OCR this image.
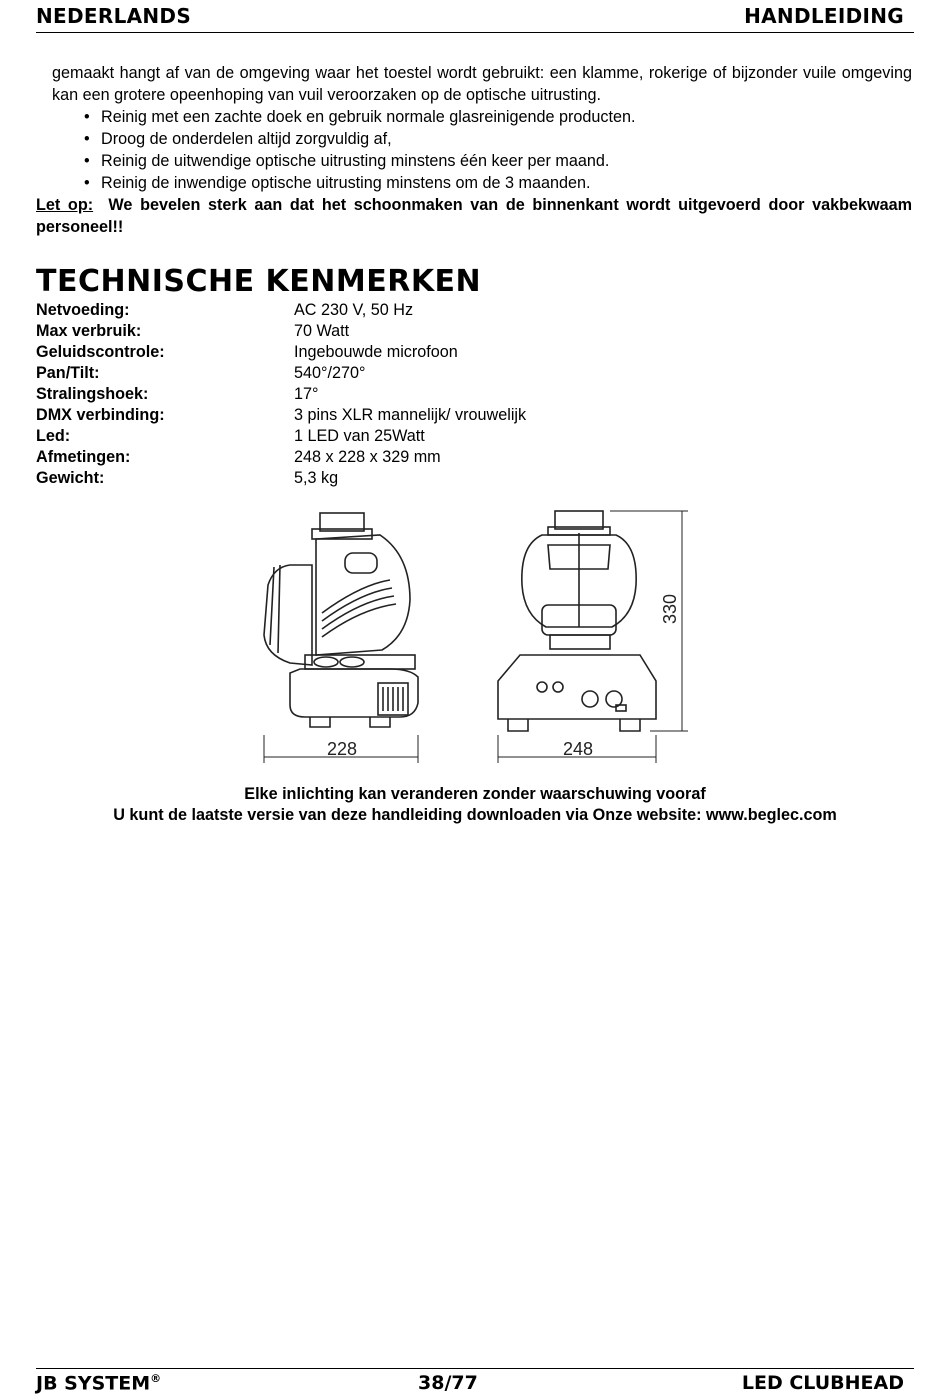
NEDERLANDS	HANDLEIDING

gemaakt hangt af van de omgeving waar het toestel wordt gebruikt: een klamme, rokerige of bijzonder vuile omgeving kan een grotere opeenhoping van vuil veroorzaken op de optische uitrusting.

• Reinig met een zachte doek en gebruik normale glasreinigende producten.
• Droog de onderdelen altijd zorgvuldig af,
• Reinig de uitwendige optische uitrusting minstens één keer per maand.
• Reinig de inwendige optische uitrusting minstens om de 3 maanden.

Let op: We bevelen sterk aan dat het schoonmaken van de binnenkant wordt uitgevoerd door vakbekwaam personeel!!

TECHNISCHE KENMERKEN
Netvoeding:	AC 230 V, 50 Hz
Max verbruik:	70 Watt
Geluidscontrole:	Ingebouwde microfoon
Pan/Tilt:	540°/270°
Stralingshoek:	17°
DMX verbinding:	3 pins XLR mannelijk/ vrouwelijk
Led:	1 LED van 25Watt
Afmetingen:	248 x 228 x 329 mm
Gewicht:	5,3 kg
228	248
330
Elke inlichting kan veranderen zonder waarschuwing vooraf
U kunt de laatste versie van deze handleiding downloaden via Onze website: www.beglec.com
JB SYSTEM®	38/77	LED CLUBHEAD
